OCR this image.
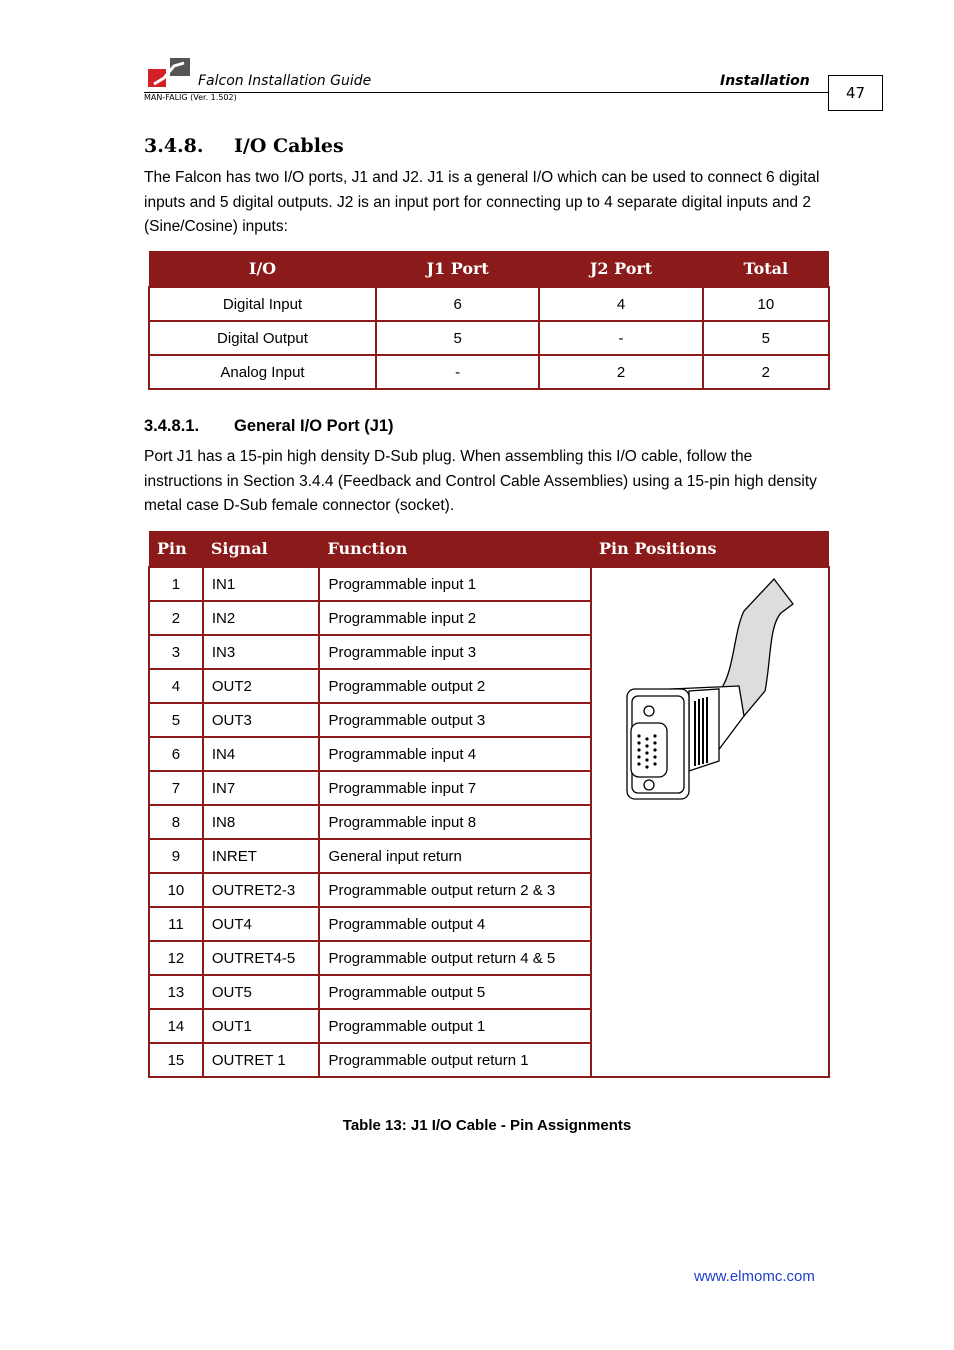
Falcon Installation Guide	Installation
MAN-FALIG (Ver. 1.502)	47
3.4.8. I/O Cables
The Falcon has two I/O ports, J1 and J2. J1 is a general I/O which can be used to connect 6 digital inputs and 5 digital outputs. J2 is an input port for connecting up to 4 separate digital inputs and 2 (Sine/Cosine) inputs:
I/O	J1 Port	J2 Port	Total
Digital Input	6	4	10
Digital Output	5	-	5
Analog Input	-	2	2
3.4.8.1. General I/O Port (J1)
Port J1 has a 15-pin high density D-Sub plug. When assembling this I/O cable, follow the instructions in Section 3.4.4 (Feedback and Control Cable Assemblies) using a 15-pin high density metal case D-Sub female connector (socket).
Pin	Signal	Function	Pin Positions
1	IN1	Programmable input 1	
2	IN2	Programmable input 2	
3	IN3	Programmable input 3	
4	OUT2	Programmable output 2	
5	OUT3	Programmable output 3	
6	IN4	Programmable input 4	
7	IN7	Programmable input 7	
8	IN8	Programmable input 8	
9	INRET	General input return	
10	OUTRET2-3	Programmable output return 2 & 3	
11	OUT4	Programmable output 4	
12	OUTRET4-5	Programmable output return 4 & 5	
13	OUT5	Programmable output 5	
14	OUT1	Programmable output 1	
15	OUTRET 1	Programmable output return 1	
Table 13: J1 I/O Cable - Pin Assignments
www.elmomc.com
